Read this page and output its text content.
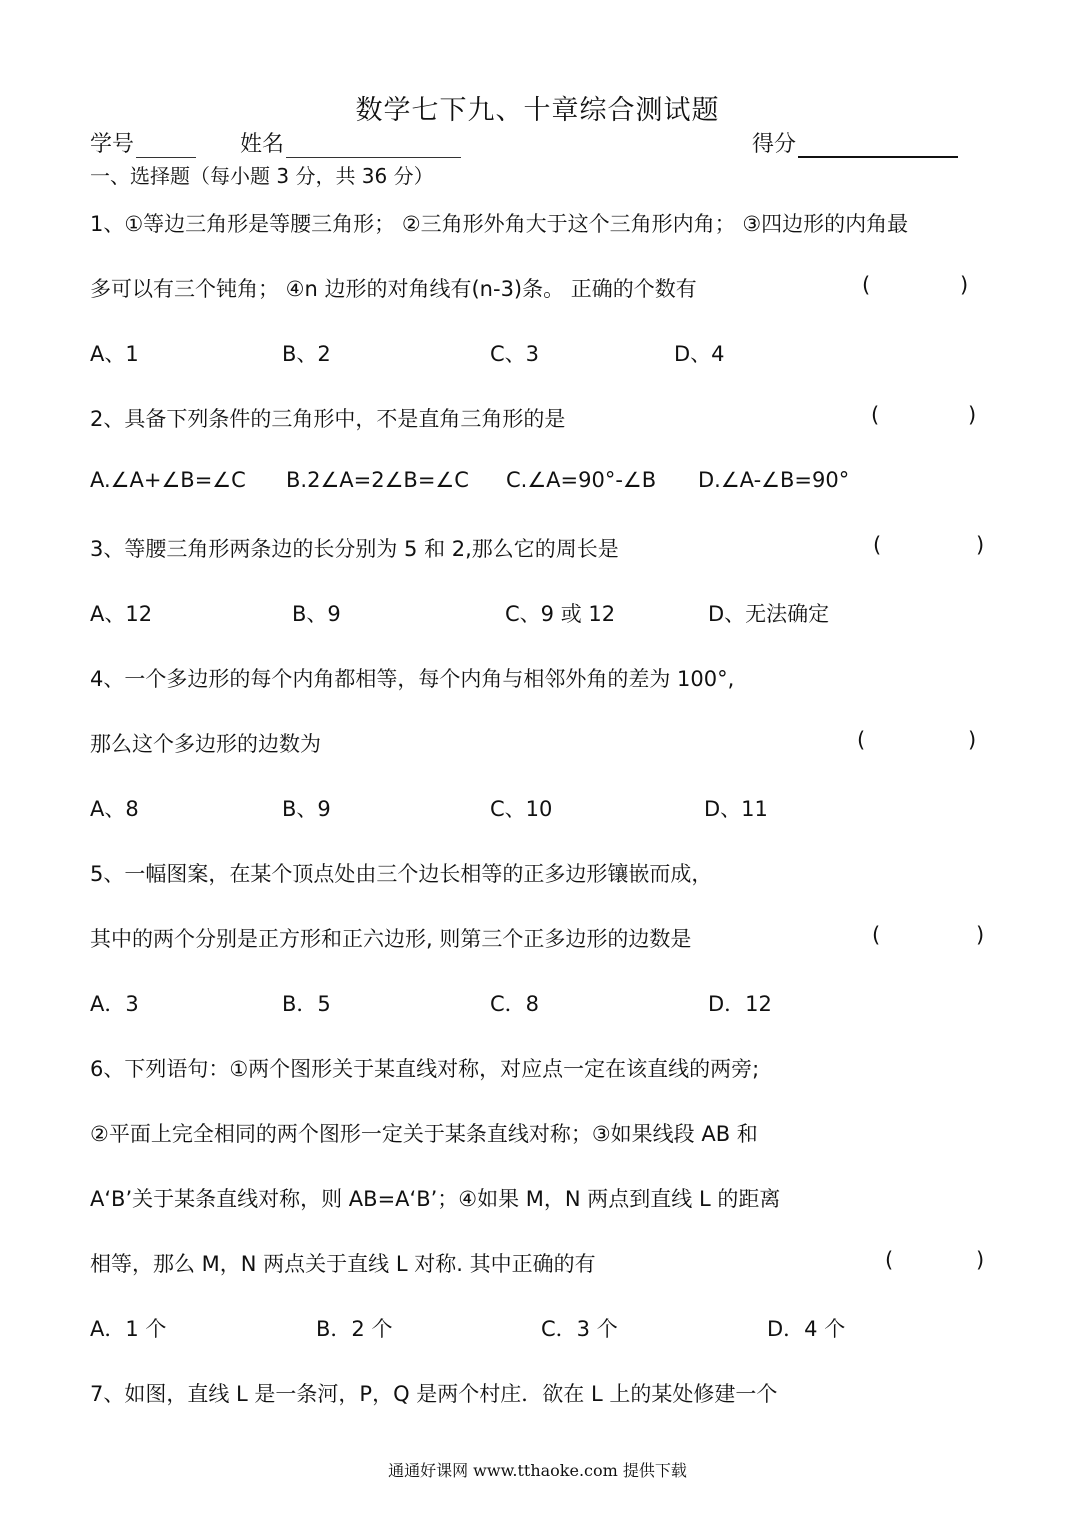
数学七下九、十章综合测试题
学号	姓名	得分
一、选择题（每小题 3 分，共 36 分）
1、①等边三角形是等腰三角形； ②三角形外角大于这个三角形内角； ③四边形的内角最
多可以有三个钝角； ④n 边形的对角线有(n-3)条。 正确的个数有	(	)
A、1	B、2	C、3	D、4
2、具备下列条件的三角形中，不是直角三角形的是	(	)
A.∠A+∠B=∠C B.2∠A=2∠B=∠C C.∠A=90°-∠B D.∠A-∠B=90°
3、等腰三角形两条边的长分别为 5 和 2,那么它的周长是	(	)
A、12	B、9	C、9 或 12	D、无法确定
4、一个多边形的每个内角都相等，每个内角与相邻外角的差为 100°,
那么这个多边形的边数为	(	)
A、8	B、9	C、10	D、11
5、一幅图案，在某个顶点处由三个边长相等的正多边形镶嵌而成，
其中的两个分别是正方形和正六边形, 则第三个正多边形的边数是	(	)
A．3	B．5	C．8	D．12
6、下列语句：①两个图形关于某直线对称，对应点一定在该直线的两旁;
②平面上完全相同的两个图形一定关于某条直线对称；③如果线段 AB 和
A‘B’关于某条直线对称，则 AB=A‘B’；④如果 M，N 两点到直线 L 的距离
相等，那么 M，N 两点关于直线 L 对称. 其中正确的有	(	)
A．1 个	B．2 个	C．3 个	D．4 个
7、如图，直线 L 是一条河，P，Q 是两个村庄．欲在 L 上的某处修建一个
通通好课网 www.tthaoke.com 提供下载
